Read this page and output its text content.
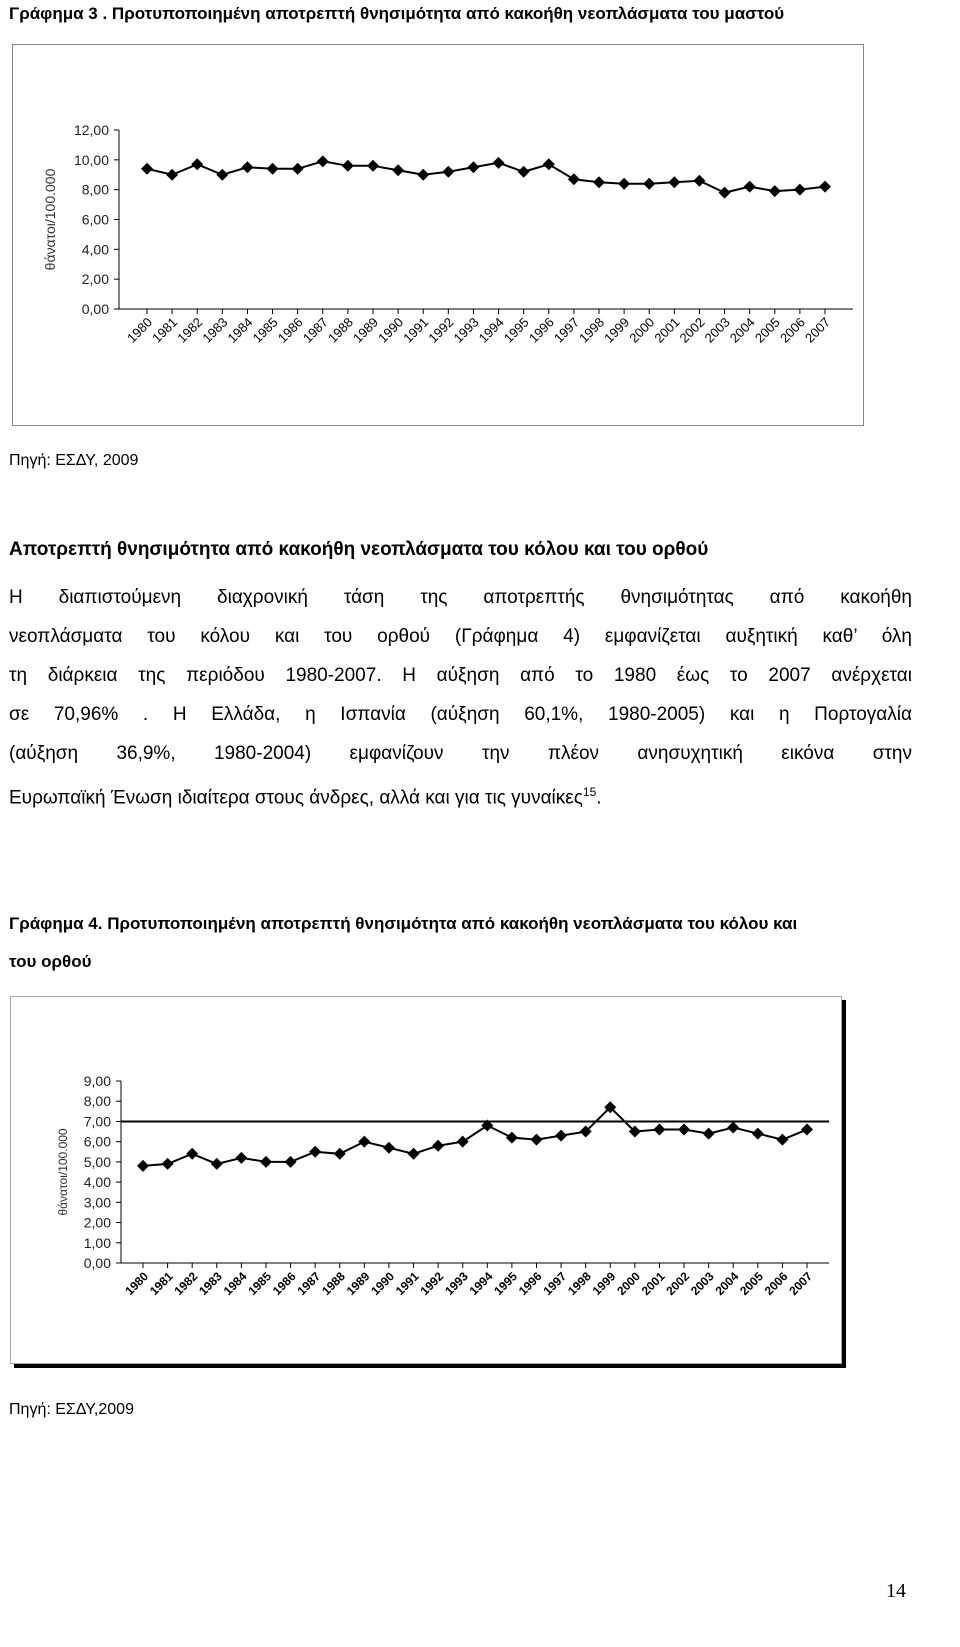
Γράφημα 3 . Προτυποποιημένη αποτρεπτή θνησιμότητα από κακοήθη νεοπλάσματα του μαστού
0,00
2,00
4,00
6,00
8,00
10,00
12,00
θάνατοι/100.000
1980
1981
1982
1983
1984
1985
1986
1987
1988
1989
1990
1991
1992
1993
1994
1995
1996
1997
1998
1999
2000
2001
2002
2003
2004
2005
2006
2007
Πηγή: ΕΣΔΥ, 2009
Αποτρεπτή θνησιμότητα από κακοήθη νεοπλάσματα του κόλου και του ορθού
Η διαπιστούμενη διαχρονική τάση της αποτρεπτής θνησιμότητας από κακοήθη
νεοπλάσματα του κόλου και του ορθού (Γράφημα 4) εμφανίζεται αυξητική καθ’ όλη
τη διάρκεια της περιόδου 1980-2007. Η αύξηση από το 1980 έως το 2007 ανέρχεται
σε 70,96% . Η Ελλάδα, η Ισπανία (αύξηση 60,1%, 1980-2005) και η Πορτογαλία
(αύξηση 36,9%, 1980-2004) εμφανίζουν την πλέον ανησυχητική εικόνα στην
Ευρωπαϊκή Ένωση ιδιαίτερα στους άνδρες, αλλά και για τις γυναίκες$^{15}$.
Γράφημα 4. Προτυποποιημένη αποτρεπτή θνησιμότητα από κακοήθη νεοπλάσματα του κόλου και
του ορθού
0,00
1,00
2,00
3,00
4,00
5,00
6,00
7,00
8,00
9,00
θάνατοι/100.000
1980
1981
1982
1983
1984
1985
1986
1987
1988
1989
1990
1991
1992
1993
1994
1995
1996
1997
1998
1999
2000
2001
2002
2003
2004
2005
2006
2007
Πηγή: ΕΣΔΥ,2009
14
